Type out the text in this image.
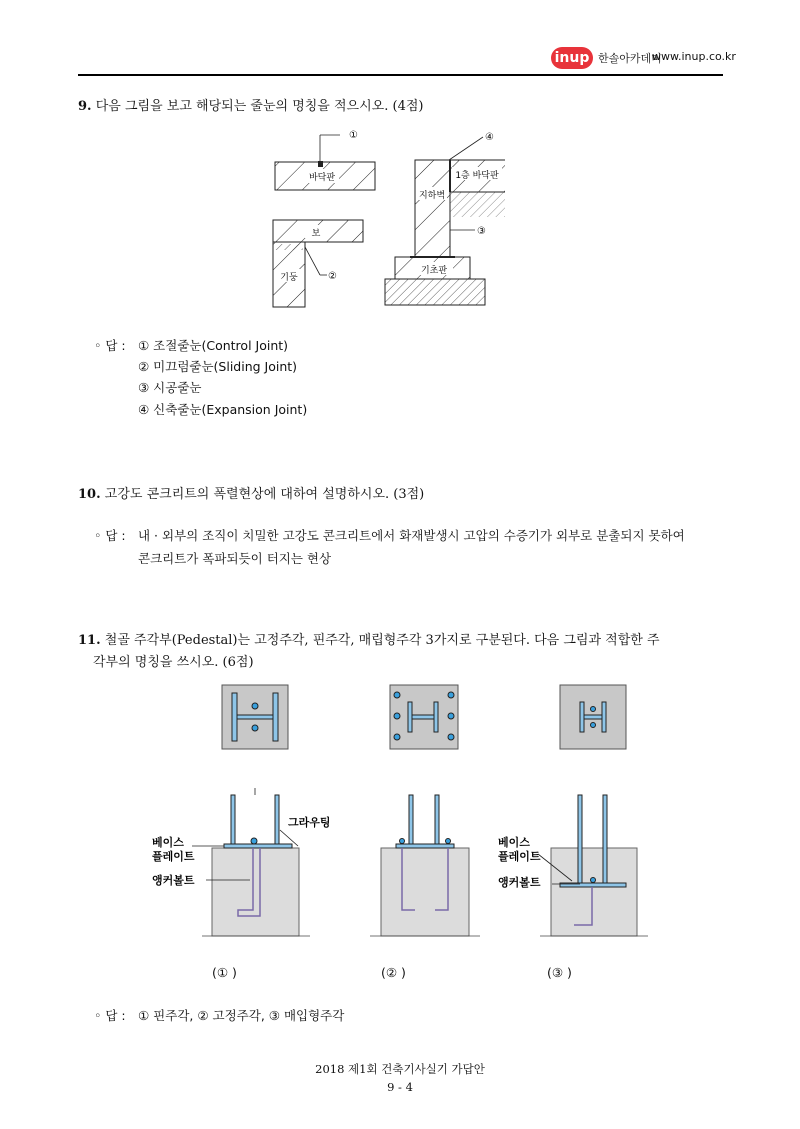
inup 한솔아카데미
www.inup.co.kr
9. 다음 그림을 보고 해당되는 줄눈의 명칭을 적으시오. (4점)
바닥판
①
보
기둥	②
1층 바닥판
지하벽
기초판
③
④
◦ 답 : ① 조절줄눈(Control Joint)
② 미끄럼줄눈(Sliding Joint)
③ 시공줄눈
④ 신축줄눈(Expansion Joint)
10. 고강도 콘크리트의 폭렬현상에 대하여 설명하시오. (3점)
◦ 답 : 내 · 외부의 조직이 치밀한 고강도 콘크리트에서 화재발생시 고압의 수증기가 외부로 분출되지 못하여
콘크리트가 폭파되듯이 터지는 현상
11. 철골 주각부(Pedestal)는 고정주각, 핀주각, 매립형주각 3가지로 구분된다. 다음 그림과 적합한 주
각부의 명칭을 쓰시오. (6점)
그라우팅
베이스
플레이트
앵커볼트
베이스
플레이트
앵커볼트
(① )	(② )	(③ )
◦ 답 : ① 핀주각, ② 고정주각, ③ 매입형주각
2018 제1회 건축기사실기 가답안
9 - 4
